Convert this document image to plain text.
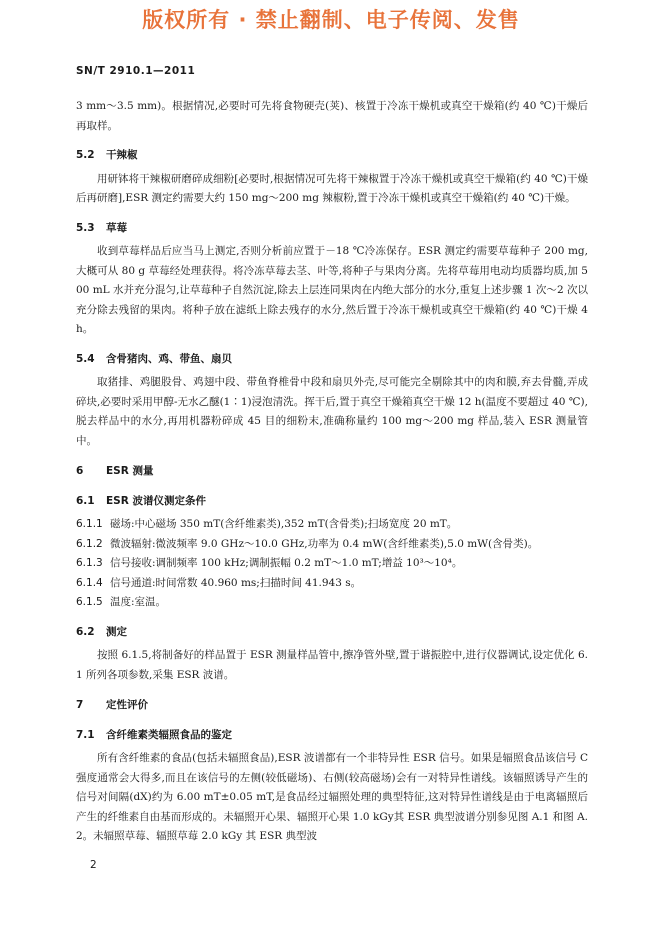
版权所有 · 禁止翻制、电子传阅、发售
SN/T 2910.1—2011

3 mm～3.5 mm)。根据情况,必要时可先将食物硬壳(荚)、核置于冷冻干燥机或真空干燥箱(约 40 ℃)干燥后再取样。

5.2 干辣椒

用研钵将干辣椒研磨碎成细粉[必要时,根据情况可先将干辣椒置于冷冻干燥机或真空干燥箱(约 40 ℃)干燥后再研磨],ESR 测定约需要大约 150 mg～200 mg 辣椒粉,置于冷冻干燥机或真空干燥箱(约 40 ℃)干燥。

5.3 草莓

收到草莓样品后应当马上测定,否则分析前应置于－18 ℃冷冻保存。ESR 测定约需要草莓种子 200 mg,大概可从 80 g 草莓经处理获得。将冷冻草莓去茎、叶等,将种子与果肉分离。先将草莓用电动均质器均质,加 500 mL 水并充分混匀,让草莓种子自然沉淀,除去上层连同果肉在内绝大部分的水分,重复上述步骤 1 次～2 次以充分除去残留的果肉。将种子放在滤纸上除去残存的水分,然后置于冷冻干燥机或真空干燥箱(约 40 ℃)干燥 4 h。

5.4 含骨猪肉、鸡、带鱼、扇贝

取猪排、鸡腿股骨、鸡翅中段、带鱼脊椎骨中段和扇贝外壳,尽可能完全剔除其中的肉和膜,弃去骨髓,弄成碎块,必要时采用甲醇-无水乙醚(1∶1)浸泡清洗。挥干后,置于真空干燥箱真空干燥 12 h(温度不要超过 40 ℃),脱去样品中的水分,再用机器粉碎成 45 目的细粉末,准确称量约 100 mg～200 mg 样品,装入 ESR 测量管中。

6 ESR 测量
6.1 ESR 波谱仪测定条件
6.1.1 磁场:中心磁场 350 mT(含纤维素类),352 mT(含骨类);扫场宽度 20 mT。
6.1.2 微波辐射:微波频率 9.0 GHz～10.0 GHz,功率为 0.4 mW(含纤维素类),5.0 mW(含骨类)。
6.1.3 信号接收:调制频率 100 kHz;调制振幅 0.2 mT～1.0 mT;增益 10³～10⁴。
6.1.4 信号通道:时间常数 40.960 ms;扫描时间 41.943 s。
6.1.5 温度:室温。
6.2 测定

按照 6.1.5,将制备好的样品置于 ESR 测量样品管中,擦净管外壁,置于谐振腔中,进行仪器调试,设定优化 6.1 所列各项参数,采集 ESR 波谱。

7 定性评价
7.1 含纤维素类辐照食品的鉴定

所有含纤维素的食品(包括未辐照食品),ESR 波谱都有一个非特异性 ESR 信号。如果是辐照食品该信号 C 强度通常会大得多,而且在该信号的左侧(较低磁场)、右侧(较高磁场)会有一对特异性谱线。该辐照诱导产生的信号对间隔(dX)约为 6.00 mT±0.05 mT,是食品经过辐照处理的典型特征,这对特异性谱线是由于电离辐照后产生的纤维素自由基而形成的。未辐照开心果、辐照开心果 1.0 kGy其 ESR 典型波谱分别参见图 A.1 和图 A.2。未辐照草莓、辐照草莓 2.0 kGy 其 ESR 典型波

2
